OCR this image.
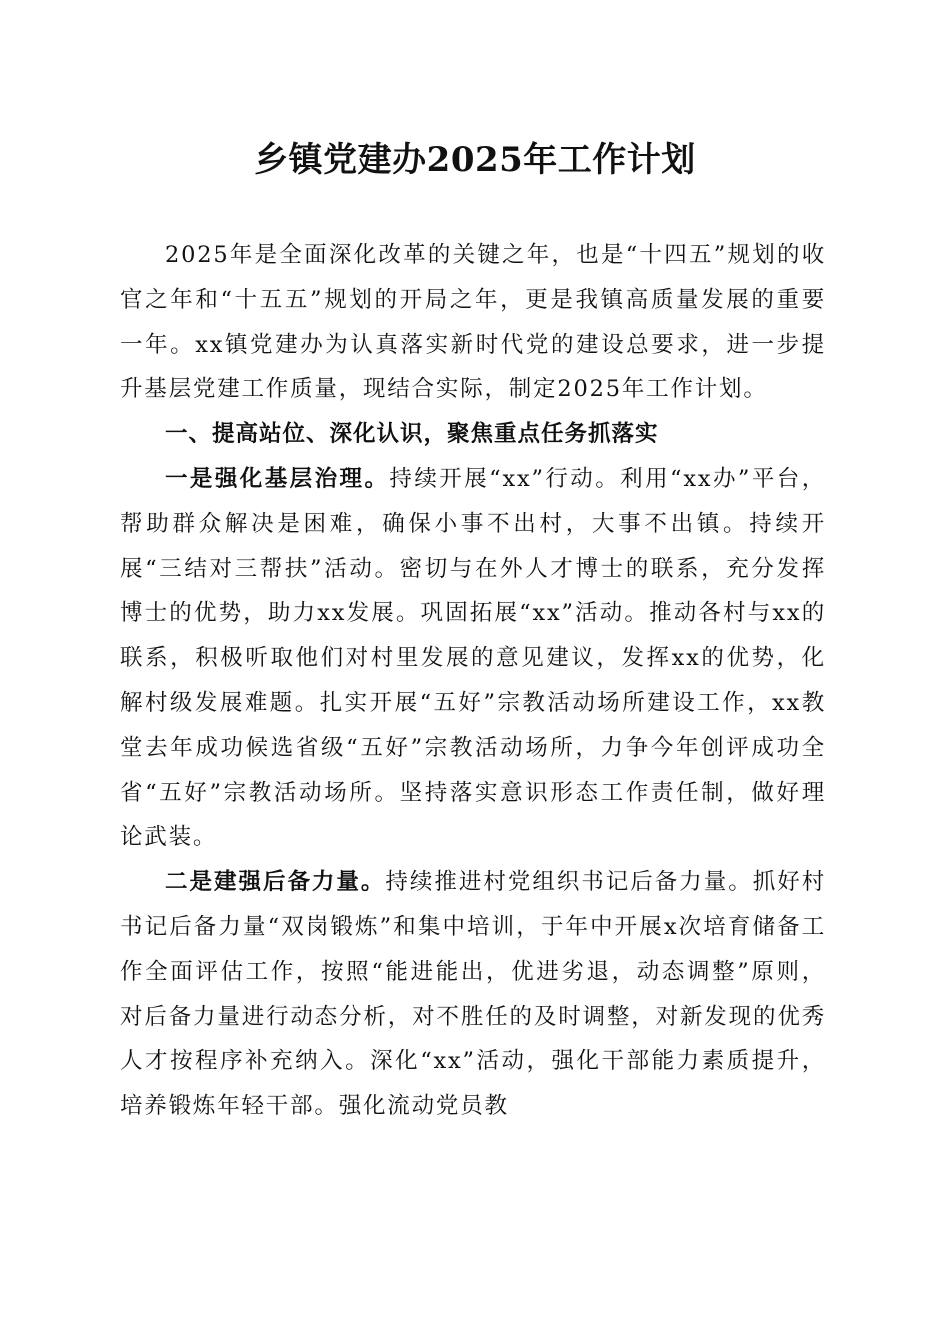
乡镇党建办2025年工作计划

2025年是全面深化改革的关键之年，也是“十四五”规划的收官之年和“十五五”规划的开局之年，更是我镇高质量发展的重要一年。xx镇党建办为认真落实新时代党的建设总要求，进一步提升基层党建工作质量，现结合实际，制定2025年工作计划。

一、提高站位、深化认识，聚焦重点任务抓落实

一是强化基层治理。持续开展“xx”行动。利用“xx办”平台，帮助群众解决是困难，确保小事不出村，大事不出镇。持续开展“三结对三帮扶”活动。密切与在外人才博士的联系，充分发挥博士的优势，助力xx发展。巩固拓展“xx”活动。推动各村与xx的联系，积极听取他们对村里发展的意见建议，发挥xx的优势，化解村级发展难题。扎实开展“五好”宗教活动场所建设工作，xx教堂去年成功候选省级“五好”宗教活动场所，力争今年创评成功全省“五好”宗教活动场所。坚持落实意识形态工作责任制，做好理论武装。

二是建强后备力量。持续推进村党组织书记后备力量。抓好村书记后备力量“双岗锻炼”和集中培训，于年中开展x次培育储备工作全面评估工作，按照“能进能出，优进劣退，动态调整”原则，对后备力量进行动态分析，对不胜任的及时调整，对新发现的优秀人才按程序补充纳入。深化“xx”活动，强化干部能力素质提升，培养锻炼年轻干部。强化流动党员教
